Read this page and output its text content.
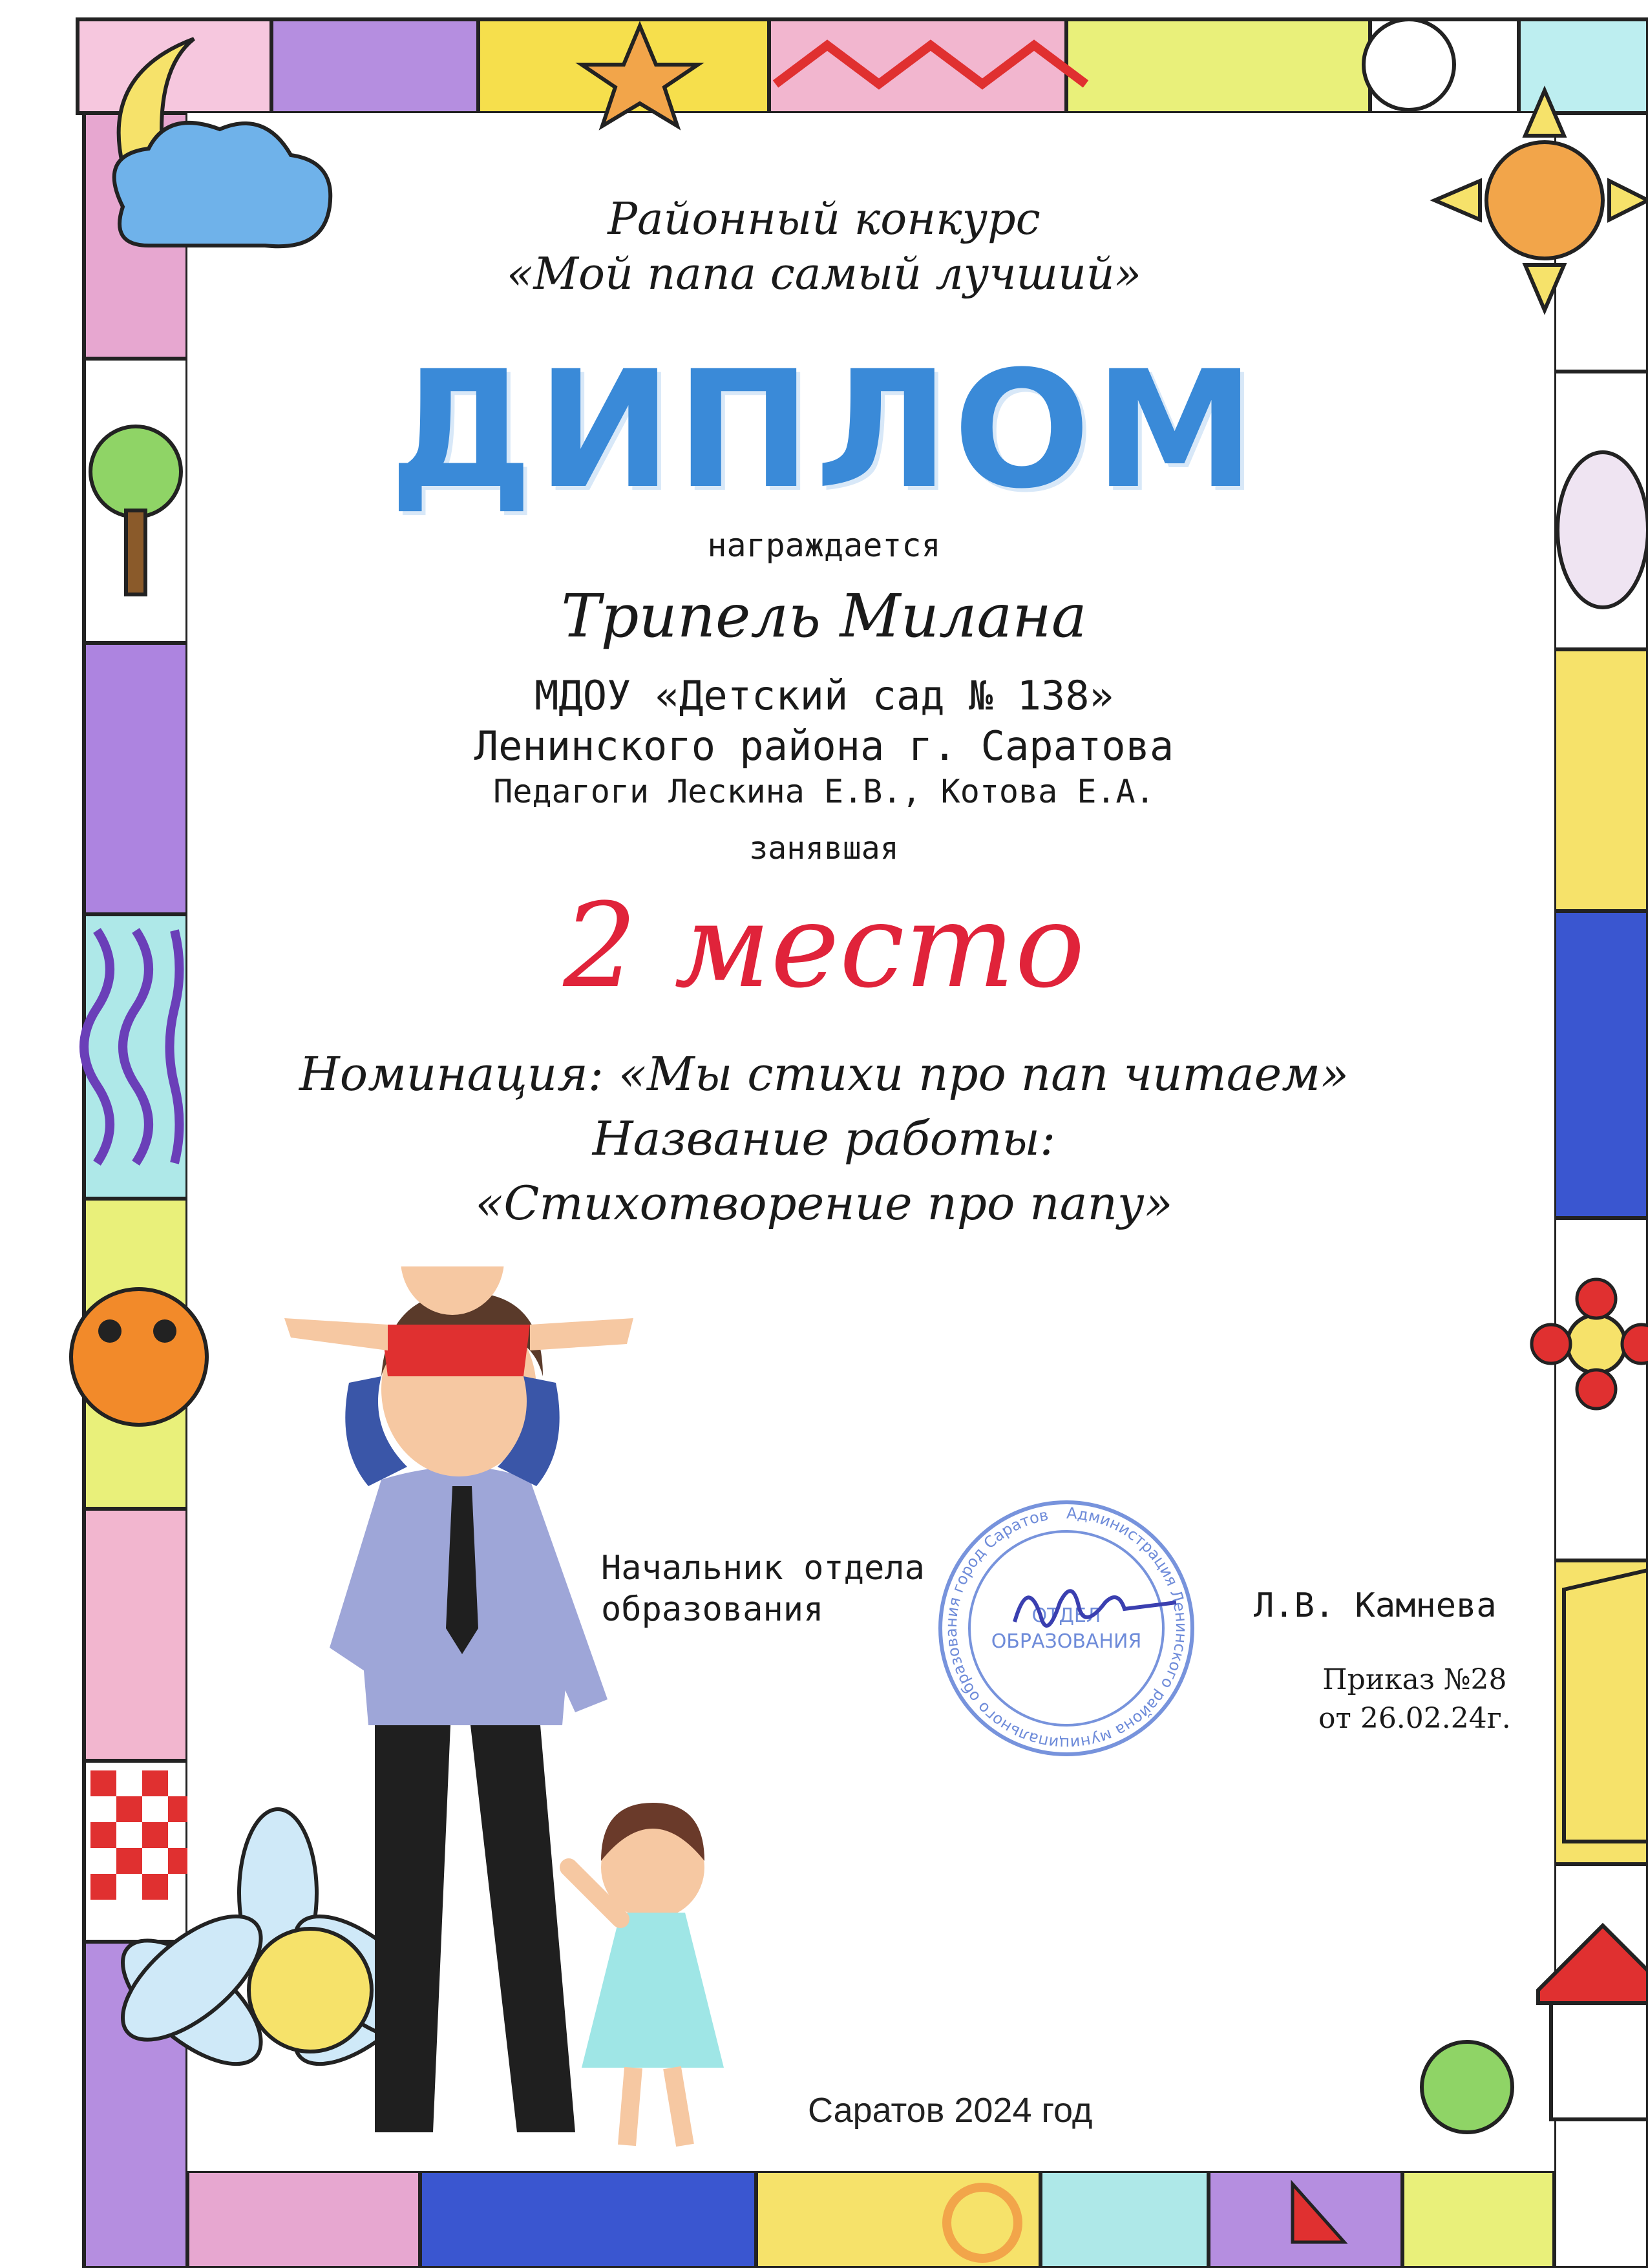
Районный конкурс
«Мой папа самый лучший»
ДИПЛОМ
награждается
Трипель Милана
МДОУ «Детский сад № 138»
Ленинского района г. Саратова
Педагоги Лескина Е.В., Котова Е.А.
занявшая
2 место
Номинация: «Мы стихи про пап читаем»
Название работы:
«Стихотворение про папу»
Начальник отдела
образования
Администрация Ленинского района муниципального образования город Саратов
ОТДЕЛ
ОБРАЗОВАНИЯ
Л.В. Камнева
Приказ №28
от 26.02.24г.
Саратов 2024 год
